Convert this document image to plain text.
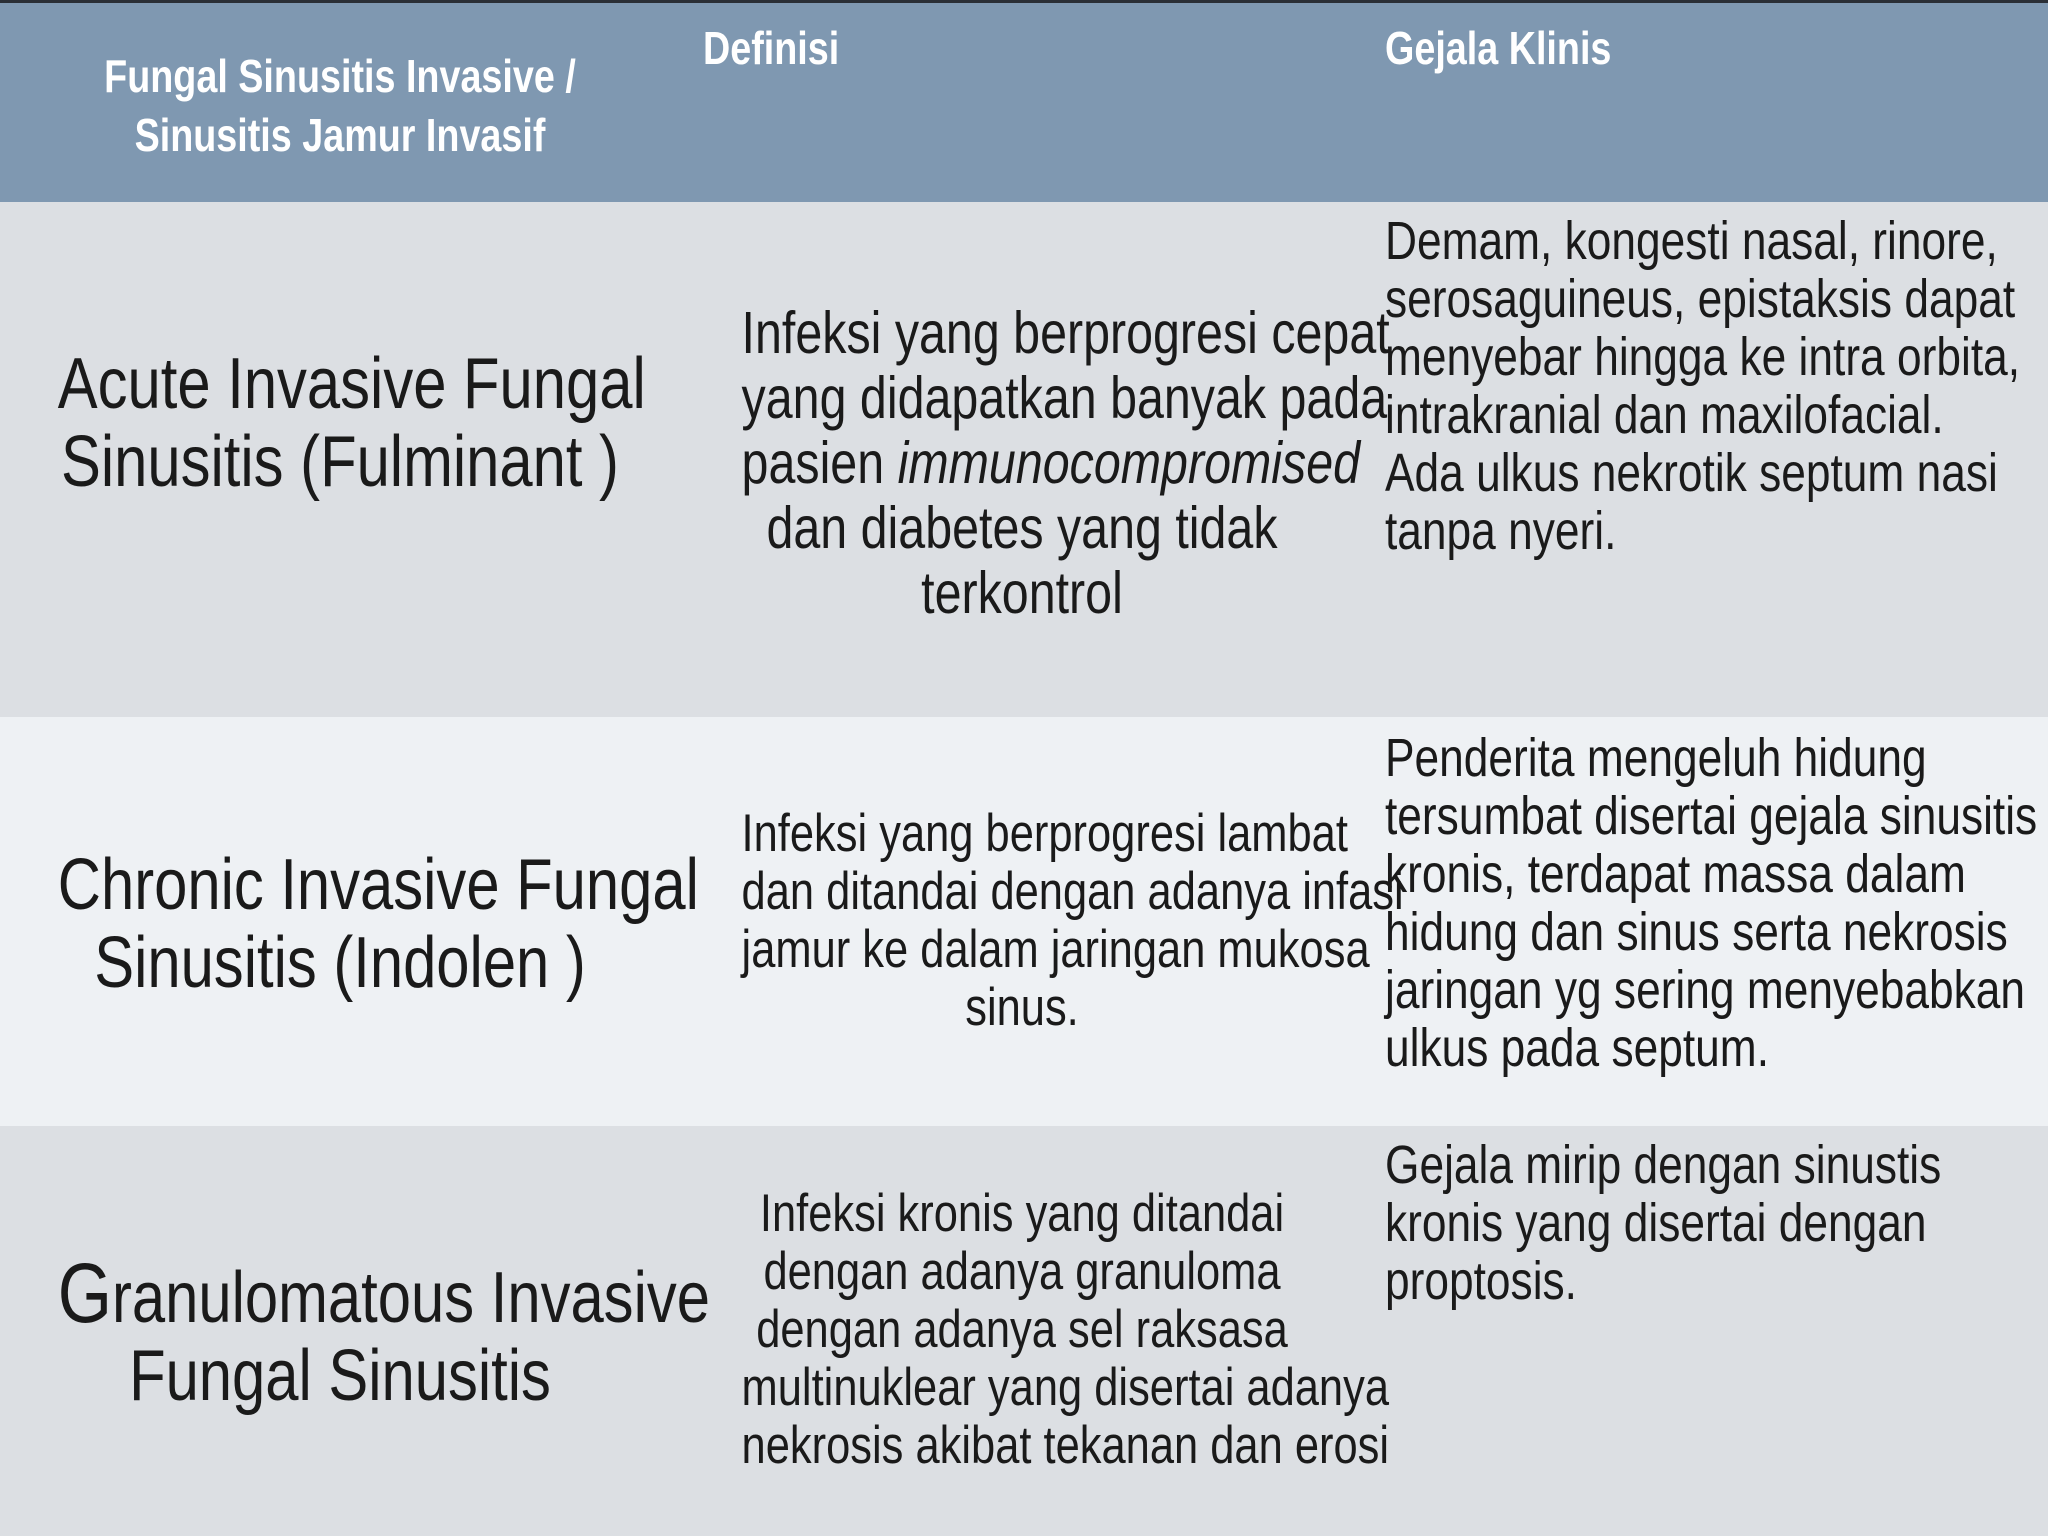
Fungal Sinusitis Invasive /
Sinusitis Jamur Invasif
Definisi	Gejala Klinis
Acute Invasive Fungal
Sinusitis (Fulminant )
Infeksi yang berprogresi cepat
yang didapatkan banyak pada
pasien immunocompromised
dan diabetes yang tidak
terkontrol
Demam, kongesti nasal, rinore,
serosaguineus, epistaksis dapat
menyebar hingga ke intra orbita,
intrakranial dan maxilofacial.
Ada ulkus nekrotik septum nasi
tanpa nyeri.
Chronic Invasive Fungal
Sinusitis (Indolen )
Infeksi yang berprogresi lambat
dan ditandai dengan adanya infasi
jamur ke dalam jaringan mukosa
sinus.
Penderita mengeluh hidung
tersumbat disertai gejala sinusitis
kronis, terdapat massa dalam
hidung dan sinus serta nekrosis
jaringan yg sering menyebabkan
ulkus pada septum.
Granulomatous Invasive
Fungal Sinusitis
Infeksi kronis yang ditandai
dengan adanya granuloma
dengan adanya sel raksasa
multinuklear yang disertai adanya
nekrosis akibat tekanan dan erosi
Gejala mirip dengan sinustis
kronis yang disertai dengan
proptosis.
